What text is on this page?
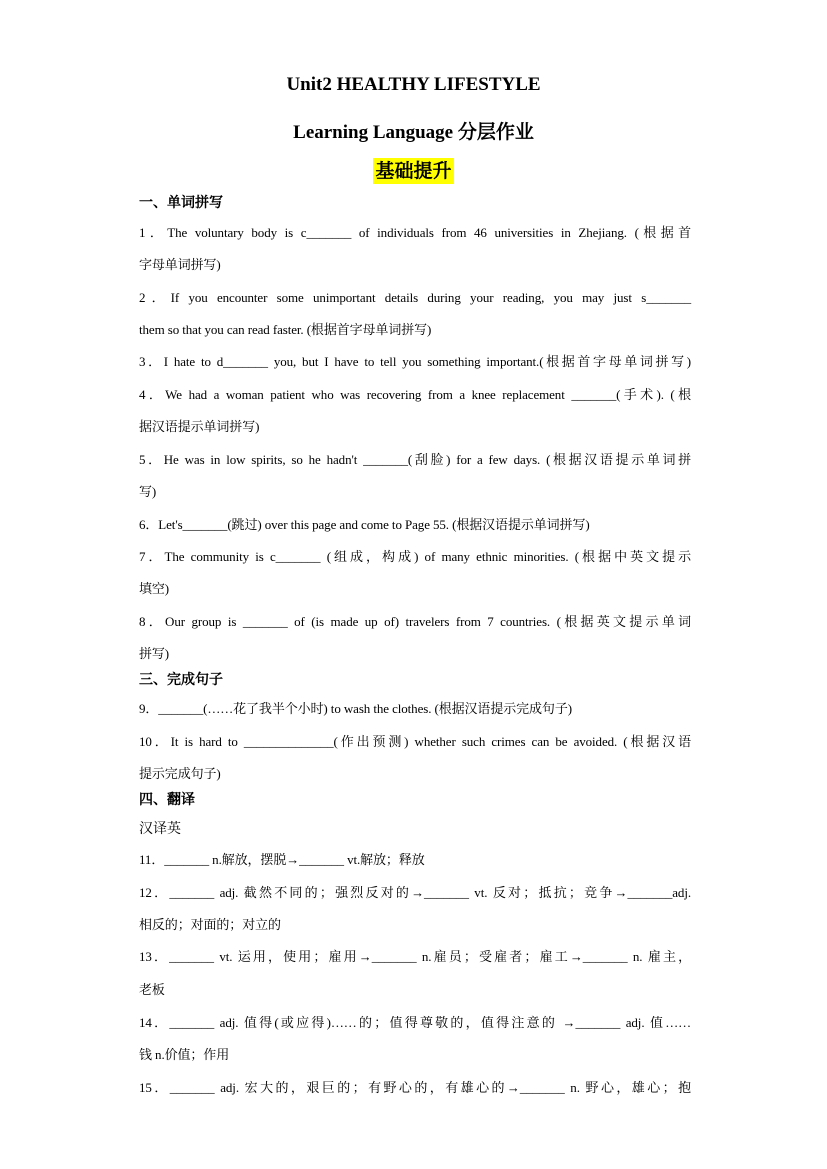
Unit2 HEALTHY LIFESTYLE
Learning Language 分层作业
基础提升
一、单词拼写
1．The voluntary body is c_______ of individuals from 46 universities in Zhejiang. (根据首
字母单词拼写)
2．If you encounter some unimportant details during your reading, you may just s_______
them so that you can read faster. (根据首字母单词拼写)
3．I hate to d_______ you, but I have to tell you something important.(根据首字母单词拼写)
4．We had a woman patient who was recovering from a knee replacement _______(手术). (根
据汉语提示单词拼写)
5．He was in low spirits, so he hadn't _______(刮脸) for a few days. (根据汉语提示单词拼
写)
6．Let's_______(跳过) over this page and come to Page 55. (根据汉语提示单词拼写)
7．The community is c_______ (组成，构成) of many ethnic minorities. (根据中英文提示
填空)
8．Our group is _______ of (is made up of) travelers from 7 countries. (根据英文提示单词
拼写)
三、完成句子
9．_______(……花了我半个小时) to wash the clothes. (根据汉语提示完成句子)
10．It is hard to ______________(作出预测) whether such crimes can be avoided. (根据汉语
提示完成句子)
四、翻译
汉译英
11．_______ n.解放，摆脱→_______ vt.解放；释放
12．_______ adj. 截然不同的；强烈反对的→_______ vt. 反对；抵抗；竞争→_______adj.
相反的；对面的；对立的
13．_______ vt. 运用，使用；雇用→_______ n.雇员；受雇者；雇工→_______ n. 雇主，
老板
14．_______ adj. 值得(或应得)……的；值得尊敬的，值得注意的 →_______ adj. 值……
钱 n.价值；作用
15．_______ adj. 宏大的，艰巨的；有野心的，有雄心的→_______ n. 野心，雄心；抱
